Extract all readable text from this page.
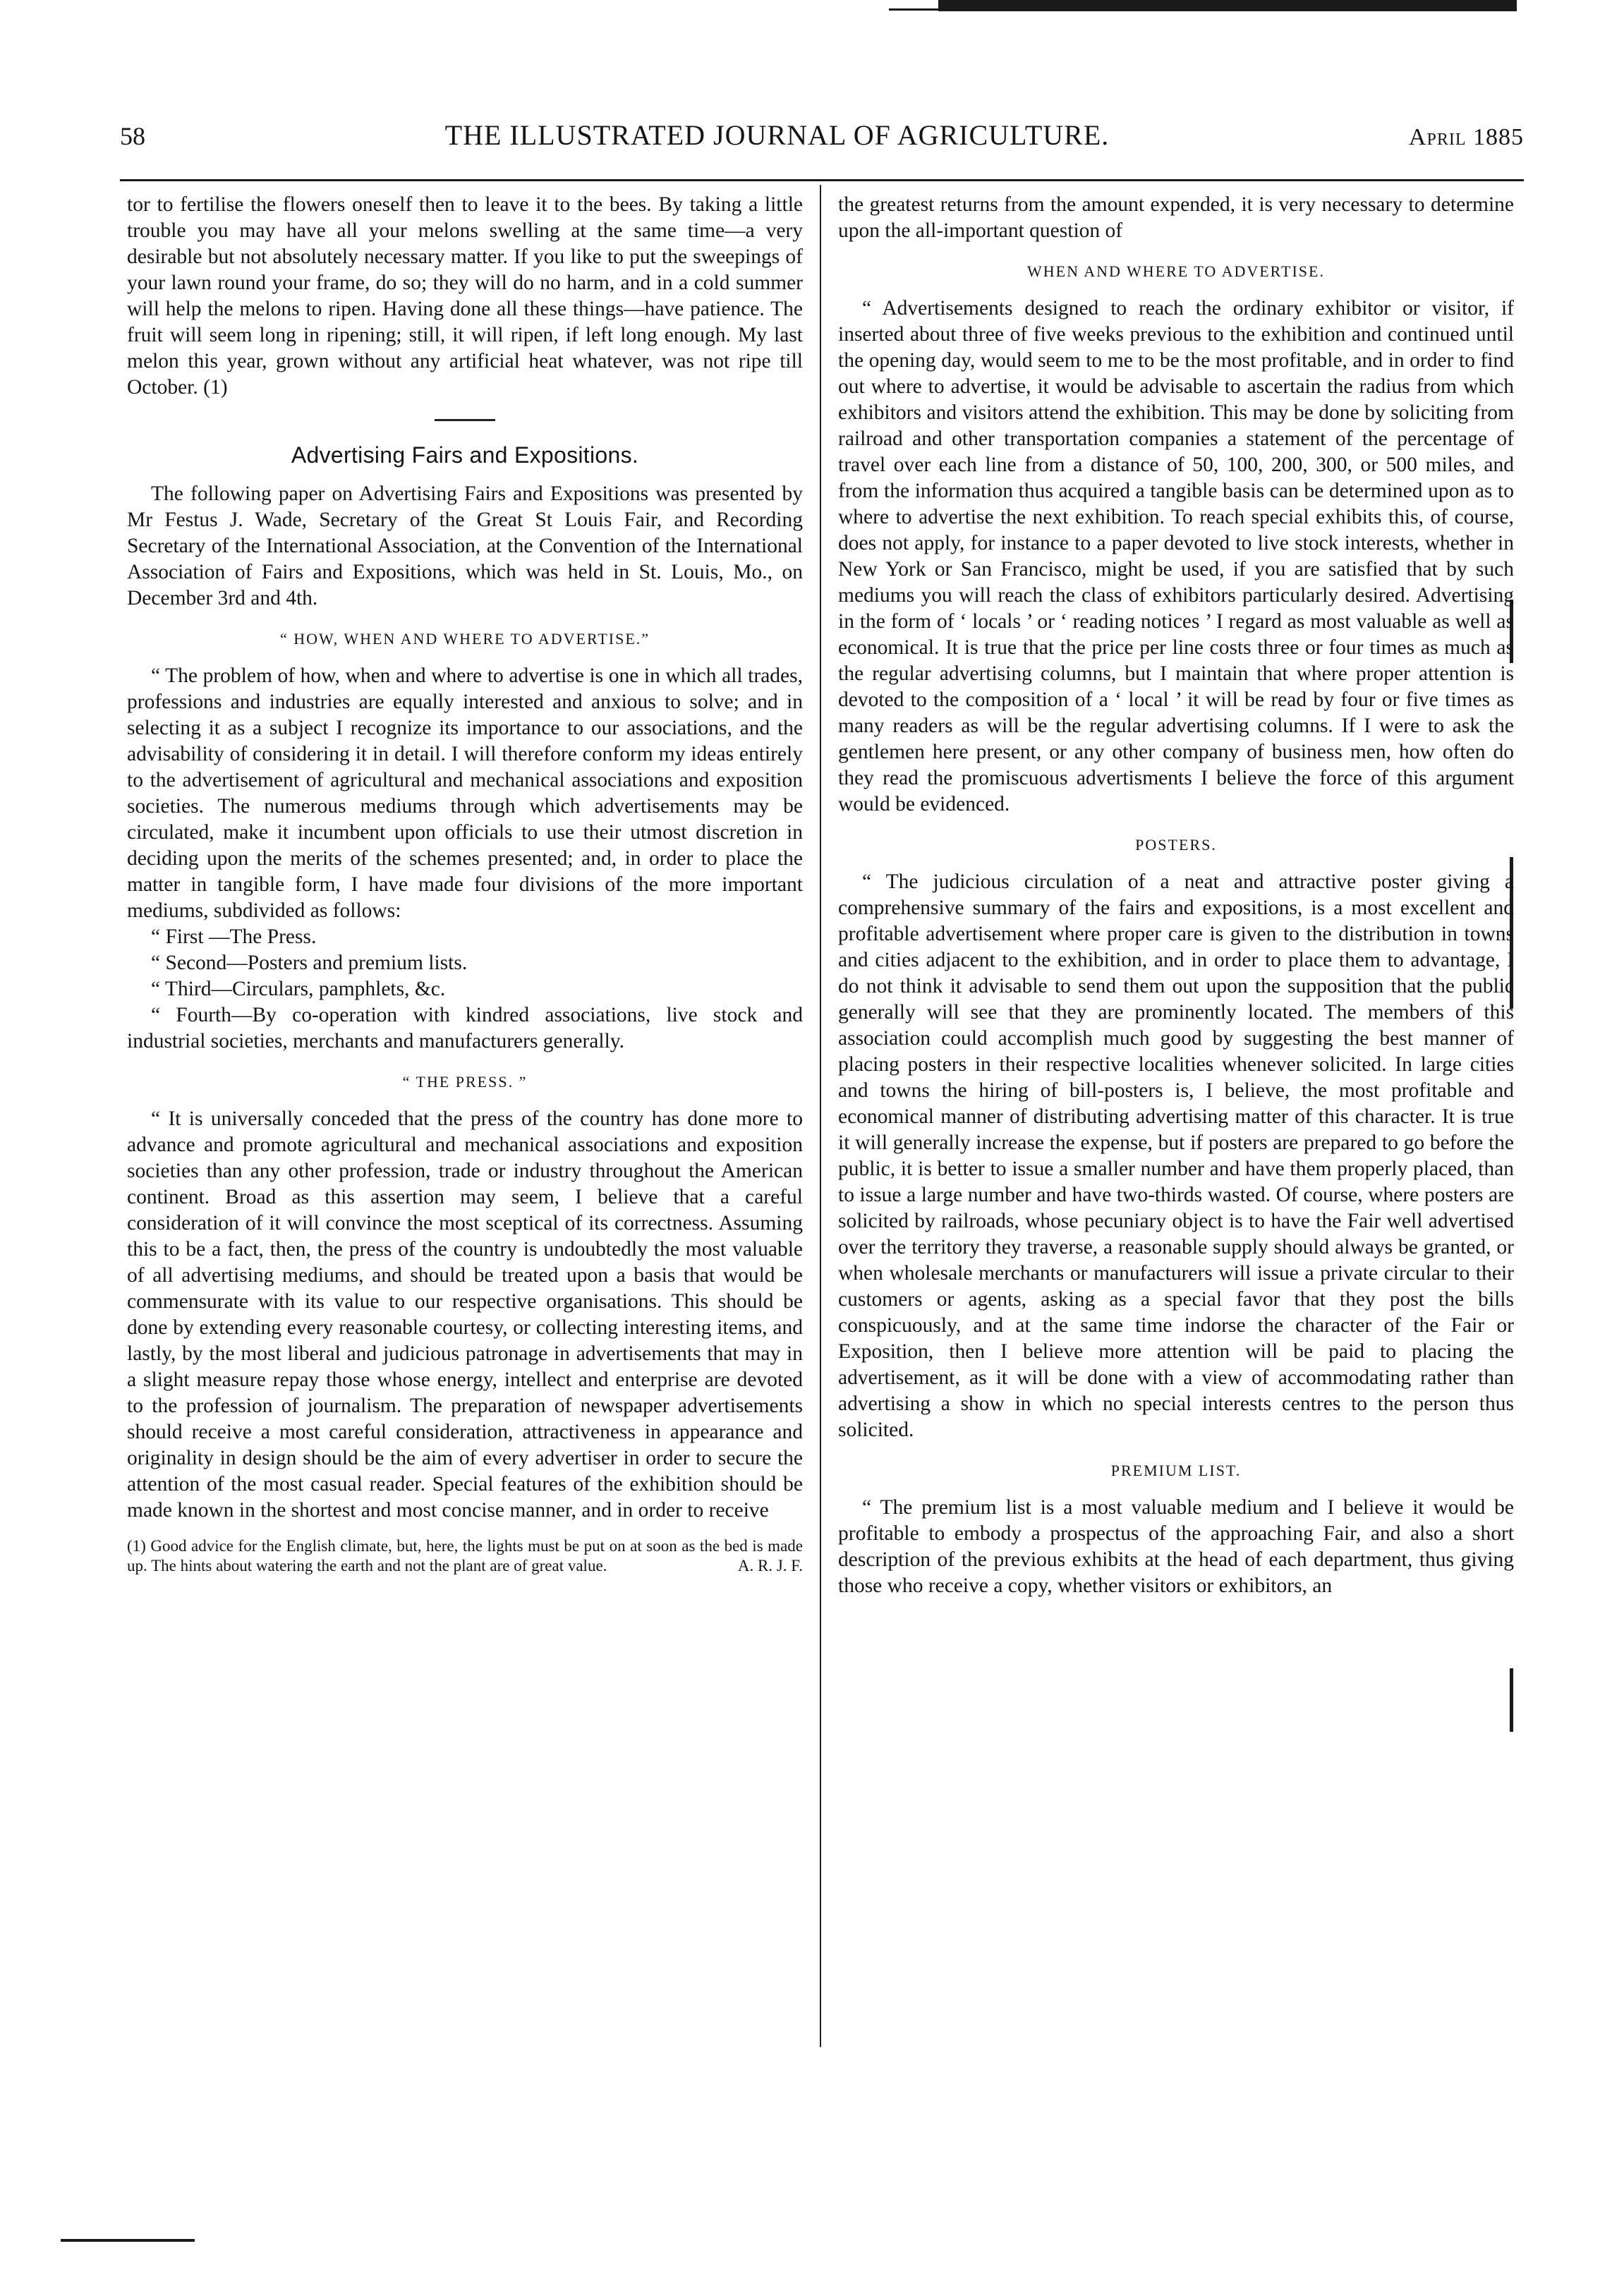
58	THE ILLUSTRATED JOURNAL OF AGRICULTURE.	April 1885

tor to fertilise the flowers oneself then to leave it to the bees. By taking a little trouble you may have all your melons swelling at the same time—a very desirable but not absolutely necessary matter. If you like to put the sweepings of your lawn round your frame, do so; they will do no harm, and in a cold summer will help the melons to ripen. Having done all these things—have patience. The fruit will seem long in ripening; still, it will ripen, if left long enough. My last melon this year, grown without any artificial heat whatever, was not ripe till October. (1)

Advertising Fairs and Expositions.

The following paper on Advertising Fairs and Expositions was presented by Mr Festus J. Wade, Secretary of the Great St Louis Fair, and Recording Secretary of the International Association, at the Convention of the International Association of Fairs and Expositions, which was held in St. Louis, Mo., on December 3rd and 4th.

“ HOW, WHEN AND WHERE TO ADVERTISE.”

“ The problem of how, when and where to advertise is one in which all trades, professions and industries are equally interested and anxious to solve; and in selecting it as a subject I recognize its importance to our associations, and the advisability of considering it in detail. I will therefore conform my ideas entirely to the advertisement of agricultural and mechanical associations and exposition societies. The numerous mediums through which advertisements may be circulated, make it incumbent upon officials to use their utmost discretion in deciding upon the merits of the schemes presented; and, in order to place the matter in tangible form, I have made four divisions of the more important mediums, subdivided as follows:

“ First —The Press.

“ Second—Posters and premium lists.

“ Third—Circulars, pamphlets, &c.

“ Fourth—By co-operation with kindred associations, live stock and industrial societies, merchants and manufacturers generally.

“ THE PRESS. ”

“ It is universally conceded that the press of the country has done more to advance and promote agricultural and mechanical associations and exposition societies than any other profession, trade or industry throughout the American continent. Broad as this assertion may seem, I believe that a careful consideration of it will convince the most sceptical of its correctness. Assuming this to be a fact, then, the press of the country is undoubtedly the most valuable of all advertising mediums, and should be treated upon a basis that would be commensurate with its value to our respective organisations. This should be done by extending every reasonable courtesy, or collecting interesting items, and lastly, by the most liberal and judicious patronage in advertisements that may in a slight measure repay those whose energy, intellect and enterprise are devoted to the profession of journalism. The preparation of newspaper advertisements should receive a most careful consideration, attractiveness in appearance and originality in design should be the aim of every advertiser in order to secure the attention of the most casual reader. Special features of the exhibition should be made known in the shortest and most concise manner, and in order to receive

(1) Good advice for the English climate, but, here, the lights must be put on at soon as the bed is made up. The hints about watering the earth and not the plant are of great value.	A. R. J. F.

the greatest returns from the amount expended, it is very necessary to determine upon the all-important question of

WHEN AND WHERE TO ADVERTISE.

“ Advertisements designed to reach the ordinary exhibitor or visitor, if inserted about three of five weeks previous to the exhibition and continued until the opening day, would seem to me to be the most profitable, and in order to find out where to advertise, it would be advisable to ascertain the radius from which exhibitors and visitors attend the exhibition. This may be done by soliciting from railroad and other transportation companies a statement of the percentage of travel over each line from a distance of 50, 100, 200, 300, or 500 miles, and from the information thus acquired a tangible basis can be determined upon as to where to advertise the next exhibition. To reach special exhibits this, of course, does not apply, for instance to a paper devoted to live stock interests, whether in New York or San Francisco, might be used, if you are satisfied that by such mediums you will reach the class of exhibitors particularly desired. Advertising in the form of ‘ locals ’ or ‘ reading notices ’ I regard as most valuable as well as economical. It is true that the price per line costs three or four times as much as the regular advertising columns, but I maintain that where proper attention is devoted to the composition of a ‘ local ’ it will be read by four or five times as many readers as will be the regular advertising columns. If I were to ask the gentlemen here present, or any other company of business men, how often do they read the promiscuous advertisments I believe the force of this argument would be evidenced.

POSTERS.

“ The judicious circulation of a neat and attractive poster giving a comprehensive summary of the fairs and expositions, is a most excellent and profitable advertisement where proper care is given to the distribution in towns and cities adjacent to the exhibition, and in order to place them to advantage, I do not think it advisable to send them out upon the supposition that the public generally will see that they are prominently located. The members of this association could accomplish much good by suggesting the best manner of placing posters in their respective localities whenever solicited. In large cities and towns the hiring of bill-posters is, I believe, the most profitable and economical manner of distributing advertising matter of this character. It is true it will generally increase the expense, but if posters are prepared to go before the public, it is better to issue a smaller number and have them properly placed, than to issue a large number and have two-thirds wasted. Of course, where posters are solicited by railroads, whose pecuniary object is to have the Fair well advertised over the territory they traverse, a reasonable supply should always be granted, or when wholesale merchants or manufacturers will issue a private circular to their customers or agents, asking as a special favor that they post the bills conspicuously, and at the same time indorse the character of the Fair or Exposition, then I believe more attention will be paid to placing the advertisement, as it will be done with a view of accommodating rather than advertising a show in which no special interests centres to the person thus solicited.

PREMIUM LIST.

“ The premium list is a most valuable medium and I believe it would be profitable to embody a prospectus of the approaching Fair, and also a short description of the previous exhibits at the head of each department, thus giving those who receive a copy, whether visitors or exhibitors, an
